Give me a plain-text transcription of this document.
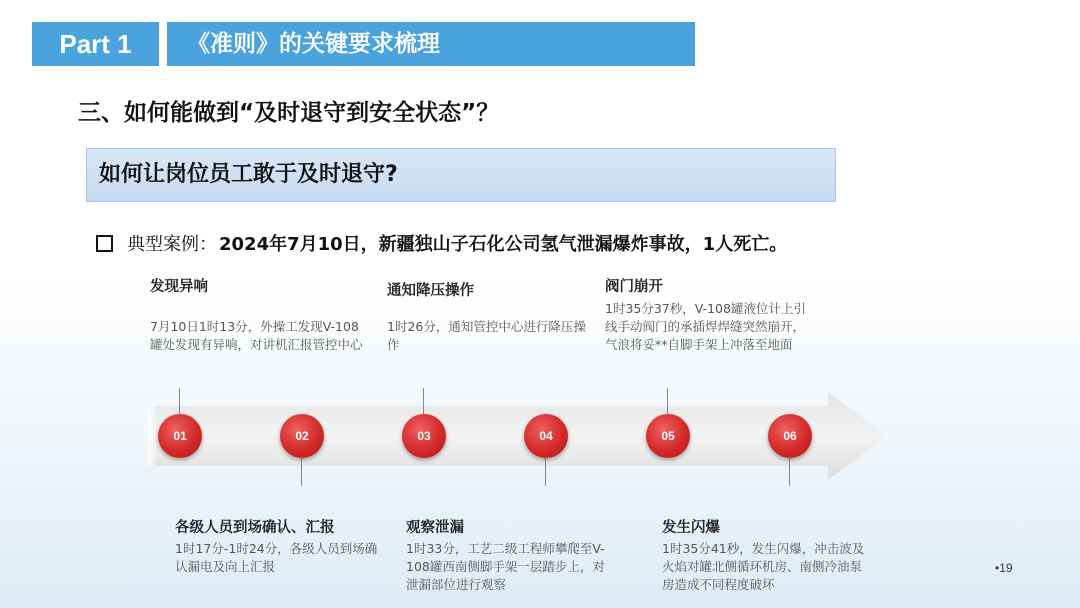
Part 1	《准则》的关键要求梳理
三、如何能做到“及时退守到安全状态”？
如何让岗位员工敢于及时退守?
典型案例： 2024年7月10日，新疆独山子石化公司氢气泄漏爆炸事故，1人死亡。
01	02	03	04	05	06
发现异响
7月10日1时13分，外操工发现V-108罐处发现有异响，对讲机汇报管控中心
通知降压操作
1时26分，通知管控中心进行降压操作
阀门崩开
1时35分37秒，V-108罐液位计上引线手动阀门的承插焊焊缝突然崩开，气浪将妥**自脚手架上冲落至地面
各级人员到场确认、汇报
1时17分-1时24分，各级人员到场确认漏电及向上汇报
观察泄漏
1时33分，工艺二级工程师攀爬至V-108罐西南侧脚手架一层踏步上，对泄漏部位进行观察
发生闪爆
1时35分41秒，发生闪爆，冲击波及火焰对罐北侧循环机房、南侧冷油泵房造成不同程度破坏
•19
